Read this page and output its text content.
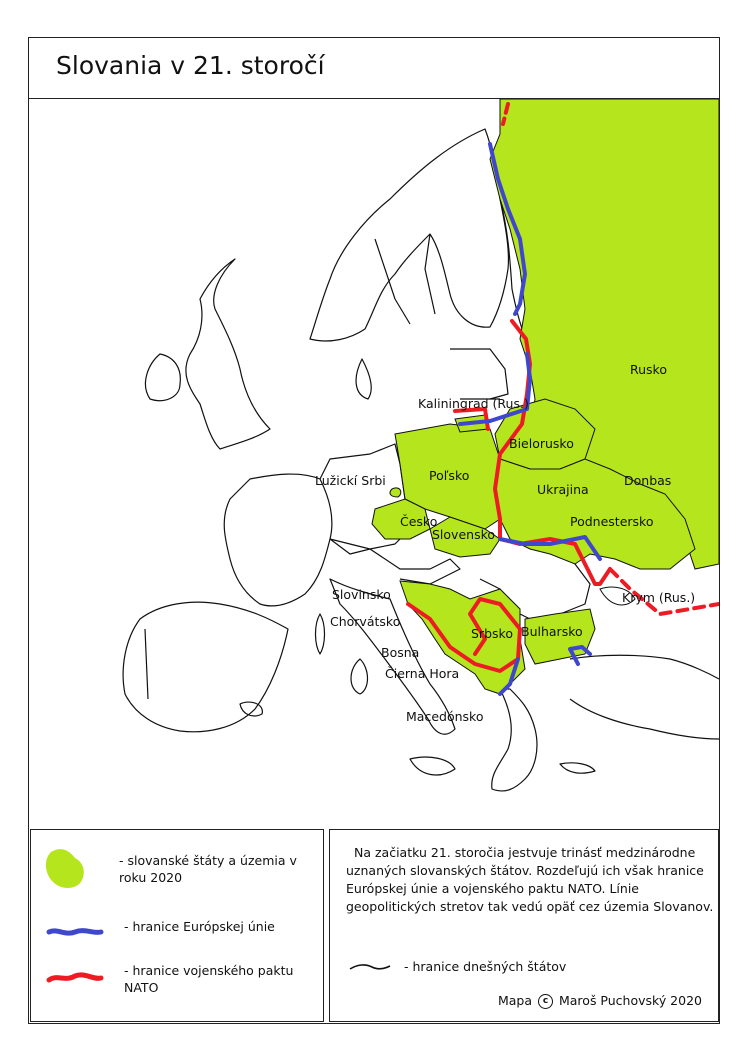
Slovania v 21. storočí
Rusko
Kaliningrad (Rus.)
Bielorusko
Poľsko
Lužickí Srbi
Ukrajina
Donbas
Česko
Slovensko
Podnestersko
Krym (Rus.)
Slovinsko
Chorvátsko
Srbsko Bulharsko
Bosna
Čierna Hora
Macedónsko
- slovanské štáty a územia v roku 2020
- hranice Európskej únie
- hranice vojenského paktu NATO
Na začiatku 21. storočia jestvuje trinásť medzinárodne uznaných slovanských štátov. Rozdeľujú ich však hranice Európskej únie a vojenského paktu NATO. Línie geopolitických stretov tak vedú opäť cez územia Slovanov.
- hranice dnešných štátov
Mapa c Maroš Puchovský 2020
